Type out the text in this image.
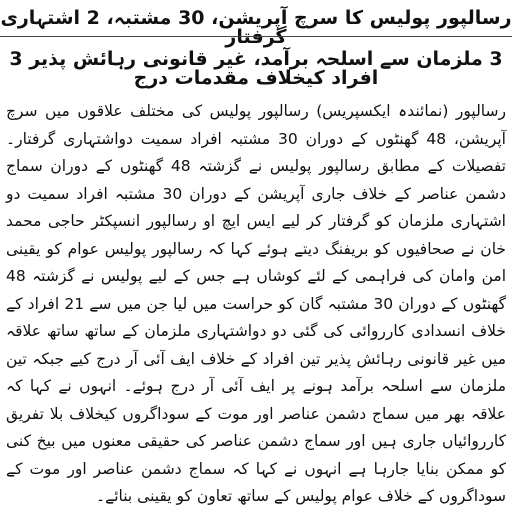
رسالپور پولیس کا سرچ آپریشن، 30 مشتبہ، 2 اشتہاری گرفتار
3 ملزمان سے اسلحہ برآمد، غیر قانونی رہائش پذیر 3 افراد کیخلاف مقدمات درج

رسالپور (نمائندہ ایکسپریس) رسالپور پولیس کی مختلف علاقوں میں سرچ آپریشن، 48 گھنٹوں کے دوران 30 مشتبہ افراد سمیت دواشتہاری گرفتار۔ تفصیلات کے مطابق رسالپور پولیس نے گزشتہ 48 گھنٹوں کے دوران سماج دشمن عناصر کے خلاف جاری آپریشن کے دوران 30 مشتبہ افراد سمیت دو اشتہاری ملزمان کو گرفتار کر لیے ایس ایچ او رسالپور انسپکٹر حاجی محمد خان نے صحافیوں کو بریفنگ دیتے ہوئے کہا کہ رسالپور پولیس عوام کو یقینی امن وامان کی فراہمی کے لئے کوشاں ہے جس کے لیے پولیس نے گزشتہ 48 گھنٹوں کے دوران 30 مشتبہ گان کو حراست میں لیا جن میں سے 21 افراد کے خلاف انسدادی کارروائی کی گئی دو دواشتہاری ملزمان کے ساتھ ساتھ علاقہ میں غیر قانونی رہائش پذیر تین افراد کے خلاف ایف آئی آر درج کیے جبکہ تین ملزمان سے اسلحہ برآمد ہونے پر ایف آئی آر درج ہوئے۔ انہوں نے کہا کہ علاقہ بھر میں سماج دشمن عناصر اور موت کے سوداگروں کیخلاف بلا تفریق کارروائیاں جاری ہیں اور سماج دشمن عناصر کی حقیقی معنوں میں بیخ کنی کو ممکن بنایا جارہا ہے انہوں نے کہا کہ سماج دشمن عناصر اور موت کے سوداگروں کے خلاف عوام پولیس کے ساتھ تعاون کو یقینی بنائے۔
